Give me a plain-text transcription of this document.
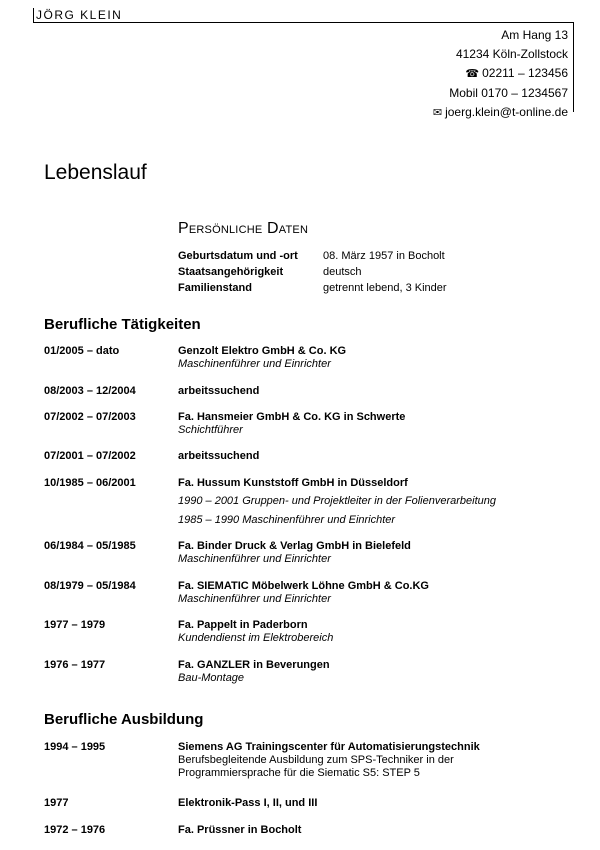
JÖRG KLEIN
Am Hang 13
41234 Köln-Zollstock
☎ 02211 – 123456
Mobil 0170 – 1234567
✉ joerg.klein@t-online.de
Lebenslauf
Persönliche Daten
Geburtsdatum und -ort	08. März 1957 in Bocholt
Staatsangehörigkeit	deutsch
Familienstand	getrennt lebend, 3 Kinder
Berufliche Tätigkeiten
01/2005 – dato	Genzolt Elektro GmbH & Co. KG
Maschinenführer und Einrichter
08/2003 – 12/2004	arbeitssuchend
07/2002 – 07/2003	Fa. Hansmeier GmbH & Co. KG in Schwerte
Schichtführer
07/2001 – 07/2002	arbeitssuchend
10/1985 – 06/2001	Fa. Hussum Kunststoff GmbH in Düsseldorf
1990 – 2001 Gruppen- und Projektleiter in der Folienverarbeitung
1985 – 1990 Maschinenführer und Einrichter
06/1984 – 05/1985	Fa. Binder Druck & Verlag GmbH in Bielefeld
Maschinenführer und Einrichter
08/1979 – 05/1984	Fa. SIEMATIC Möbelwerk Löhne GmbH & Co.KG
Maschinenführer und Einrichter
1977 – 1979	Fa. Pappelt in Paderborn
Kundendienst im Elektrobereich
1976 – 1977	Fa. GANZLER in Beverungen
Bau-Montage
Berufliche Ausbildung
1994 – 1995	Siemens AG Trainingscenter für Automatisierungstechnik
Berufsbegleitende Ausbildung zum SPS-Techniker in der
Programmiersprache für die Siematic S5: STEP 5
1977	Elektronik-Pass I, II, und III
1972 – 1976	Fa. Prüssner in Bocholt
